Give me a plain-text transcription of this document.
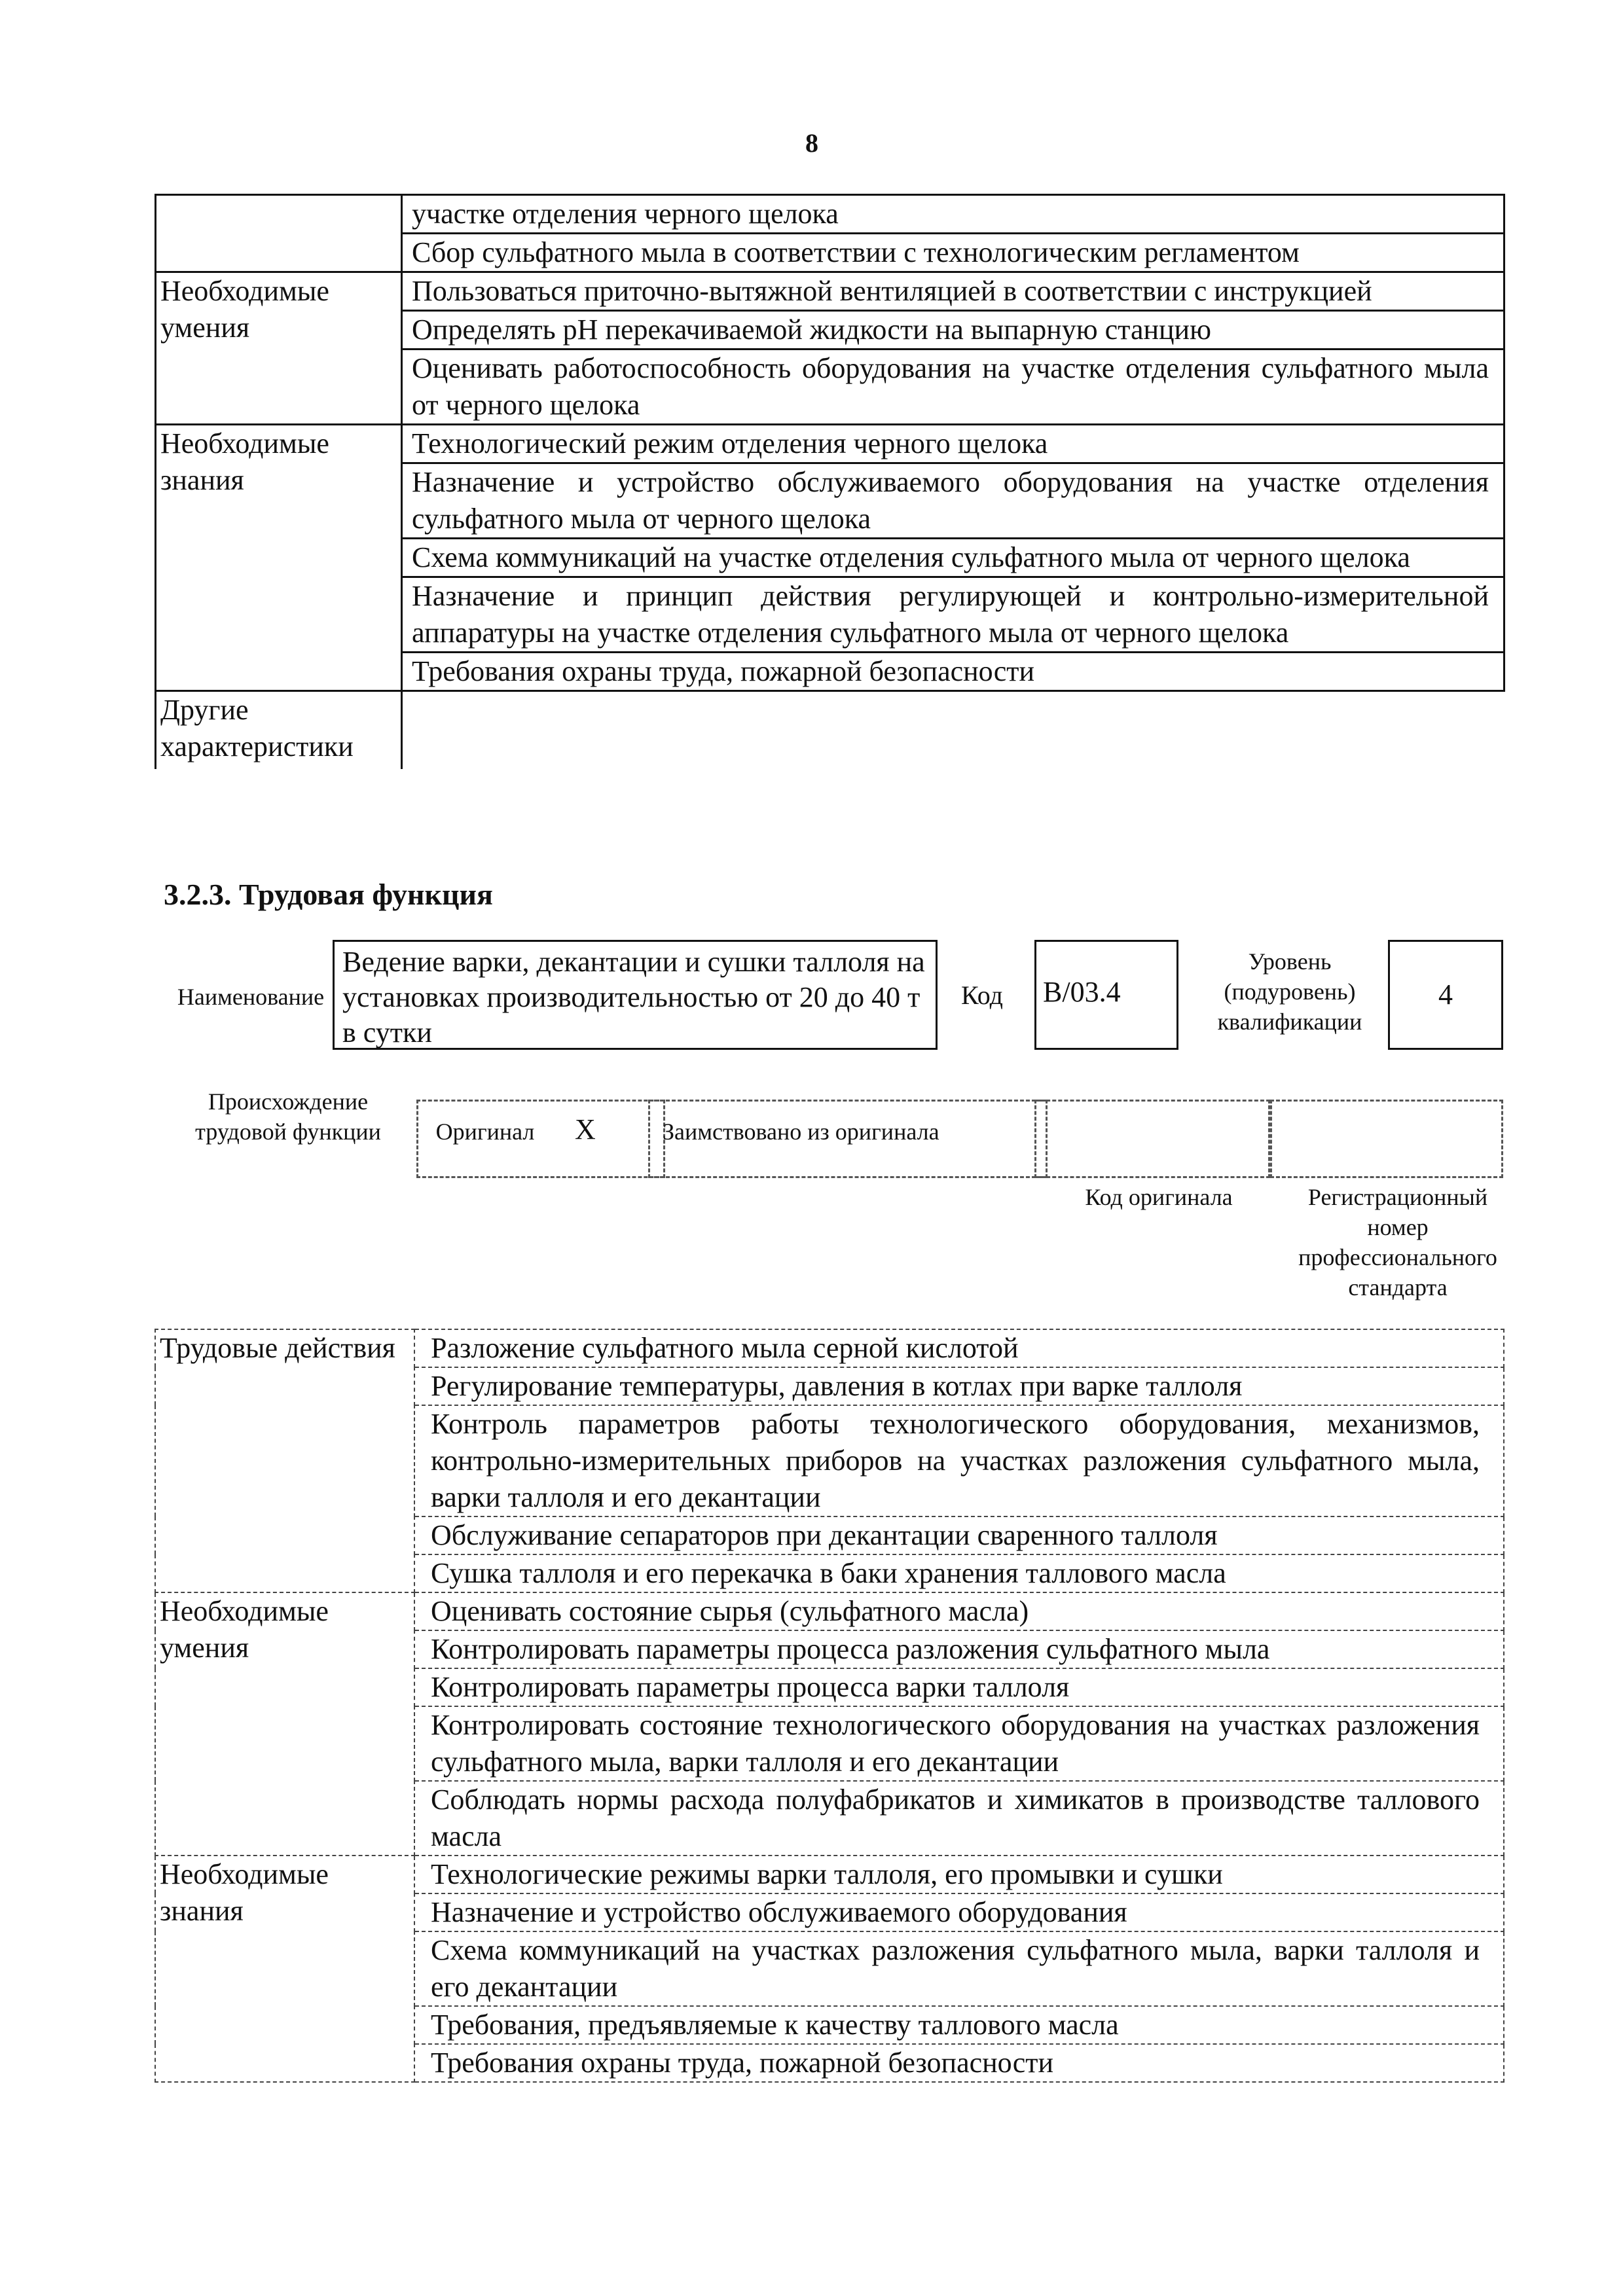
8
	участке отделения черного щелока
	Сбор сульфатного мыла в соответствии с технологическим регламентом
Необходимые умения	Пользоваться приточно-вытяжной вентиляцией в соответствии с инструкцией
	Определять pH перекачиваемой жидкости на выпарную станцию
	Оценивать работоспособность оборудования на участке отделения сульфатного мыла от черного щелока
Необходимые знания	Технологический режим отделения черного щелока
	Назначение и устройство обслуживаемого оборудования на участке отделения сульфатного мыла от черного щелока
	Схема коммуникаций на участке отделения сульфатного мыла от черного щелока
	Назначение и принцип действия регулирующей и контрольно-измерительной аппаратуры на участке отделения сульфатного мыла от черного щелока
	Требования охраны труда, пожарной безопасности
Другие характеристики	
3.2.3. Трудовая функция
Наименование
Ведение варки, декантации и сушки таллоля на установках производительностью от 20 до 40 т в сутки
Код	B/03.4
Уровень (подуровень) квалификации
4
Происхождение трудовой функции	Оригинал	X	Заимствовано из оригинала
Код оригинала	Регистрационный номер профессионального стандарта
Трудовые действия	Разложение сульфатного мыла серной кислотой
	Регулирование температуры, давления в котлах при варке таллоля
	Контроль параметров работы технологического оборудования, механизмов, контрольно-измерительных приборов на участках разложения сульфатного мыла, варки таллоля и его декантации
	Обслуживание сепараторов при декантации сваренного таллоля
	Сушка таллоля и его перекачка в баки хранения таллового масла
Необходимые умения	Оценивать состояние сырья (сульфатного масла)
	Контролировать параметры процесса разложения сульфатного мыла
	Контролировать параметры процесса варки таллоля
	Контролировать состояние технологического оборудования на участках разложения сульфатного мыла, варки таллоля и его декантации
	Соблюдать нормы расхода полуфабрикатов и химикатов в производстве таллового масла
Необходимые знания	Технологические режимы варки таллоля, его промывки и сушки
	Назначение и устройство обслуживаемого оборудования
	Схема коммуникаций на участках разложения сульфатного мыла, варки таллоля и его декантации
	Требования, предъявляемые к качеству таллового масла
	Требования охраны труда, пожарной безопасности
